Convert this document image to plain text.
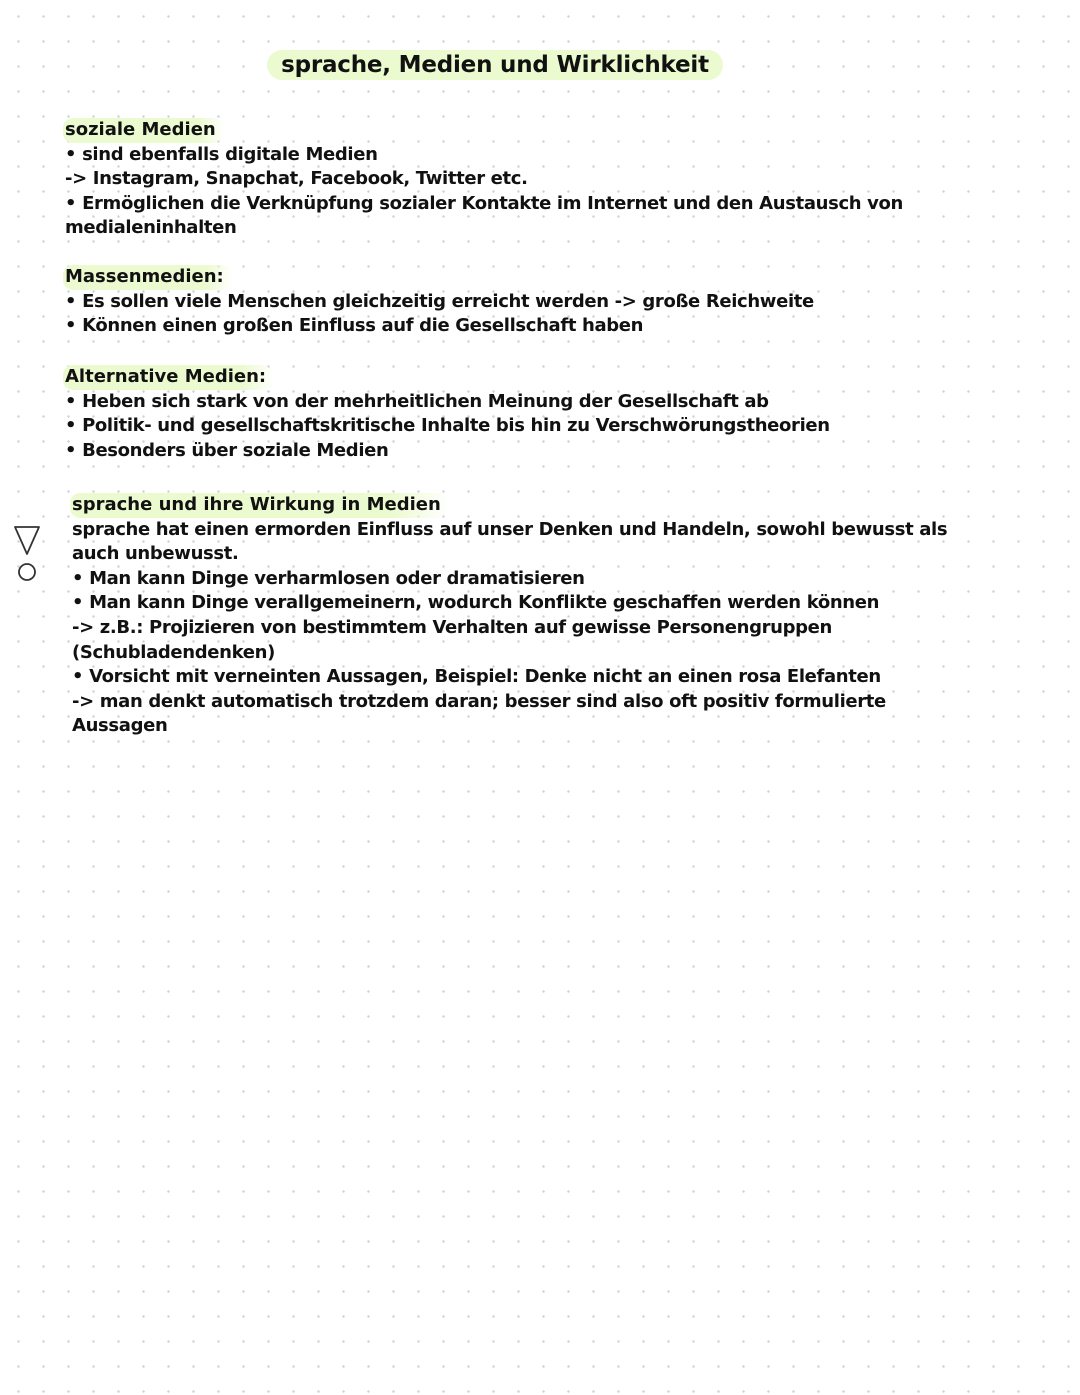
sprache, Medien und Wirklichkeit
soziale Medien
• sind ebenfalls digitale Medien
-> Instagram, Snapchat, Facebook, Twitter etc.
• Ermöglichen die Verknüpfung sozialer Kontakte im Internet und den Austausch von
medialeninhalten
Massenmedien:
• Es sollen viele Menschen gleichzeitig erreicht werden -> große Reichweite
• Können einen großen Einfluss auf die Gesellschaft haben
Alternative Medien:
• Heben sich stark von der mehrheitlichen Meinung der Gesellschaft ab
• Politik- und gesellschaftskritische Inhalte bis hin zu Verschwörungstheorien
• Besonders über soziale Medien
sprache und ihre Wirkung in Medien
sprache hat einen ermorden Einfluss auf unser Denken und Handeln, sowohl bewusst als
auch unbewusst.
• Man kann Dinge verharmlosen oder dramatisieren
• Man kann Dinge verallgemeinern, wodurch Konflikte geschaffen werden können
-> z.B.: Projizieren von bestimmtem Verhalten auf gewisse Personengruppen
(Schubladendenken)
• Vorsicht mit verneinten Aussagen, Beispiel: Denke nicht an einen rosa Elefanten
-> man denkt automatisch trotzdem daran; besser sind also oft positiv formulierte
Aussagen
